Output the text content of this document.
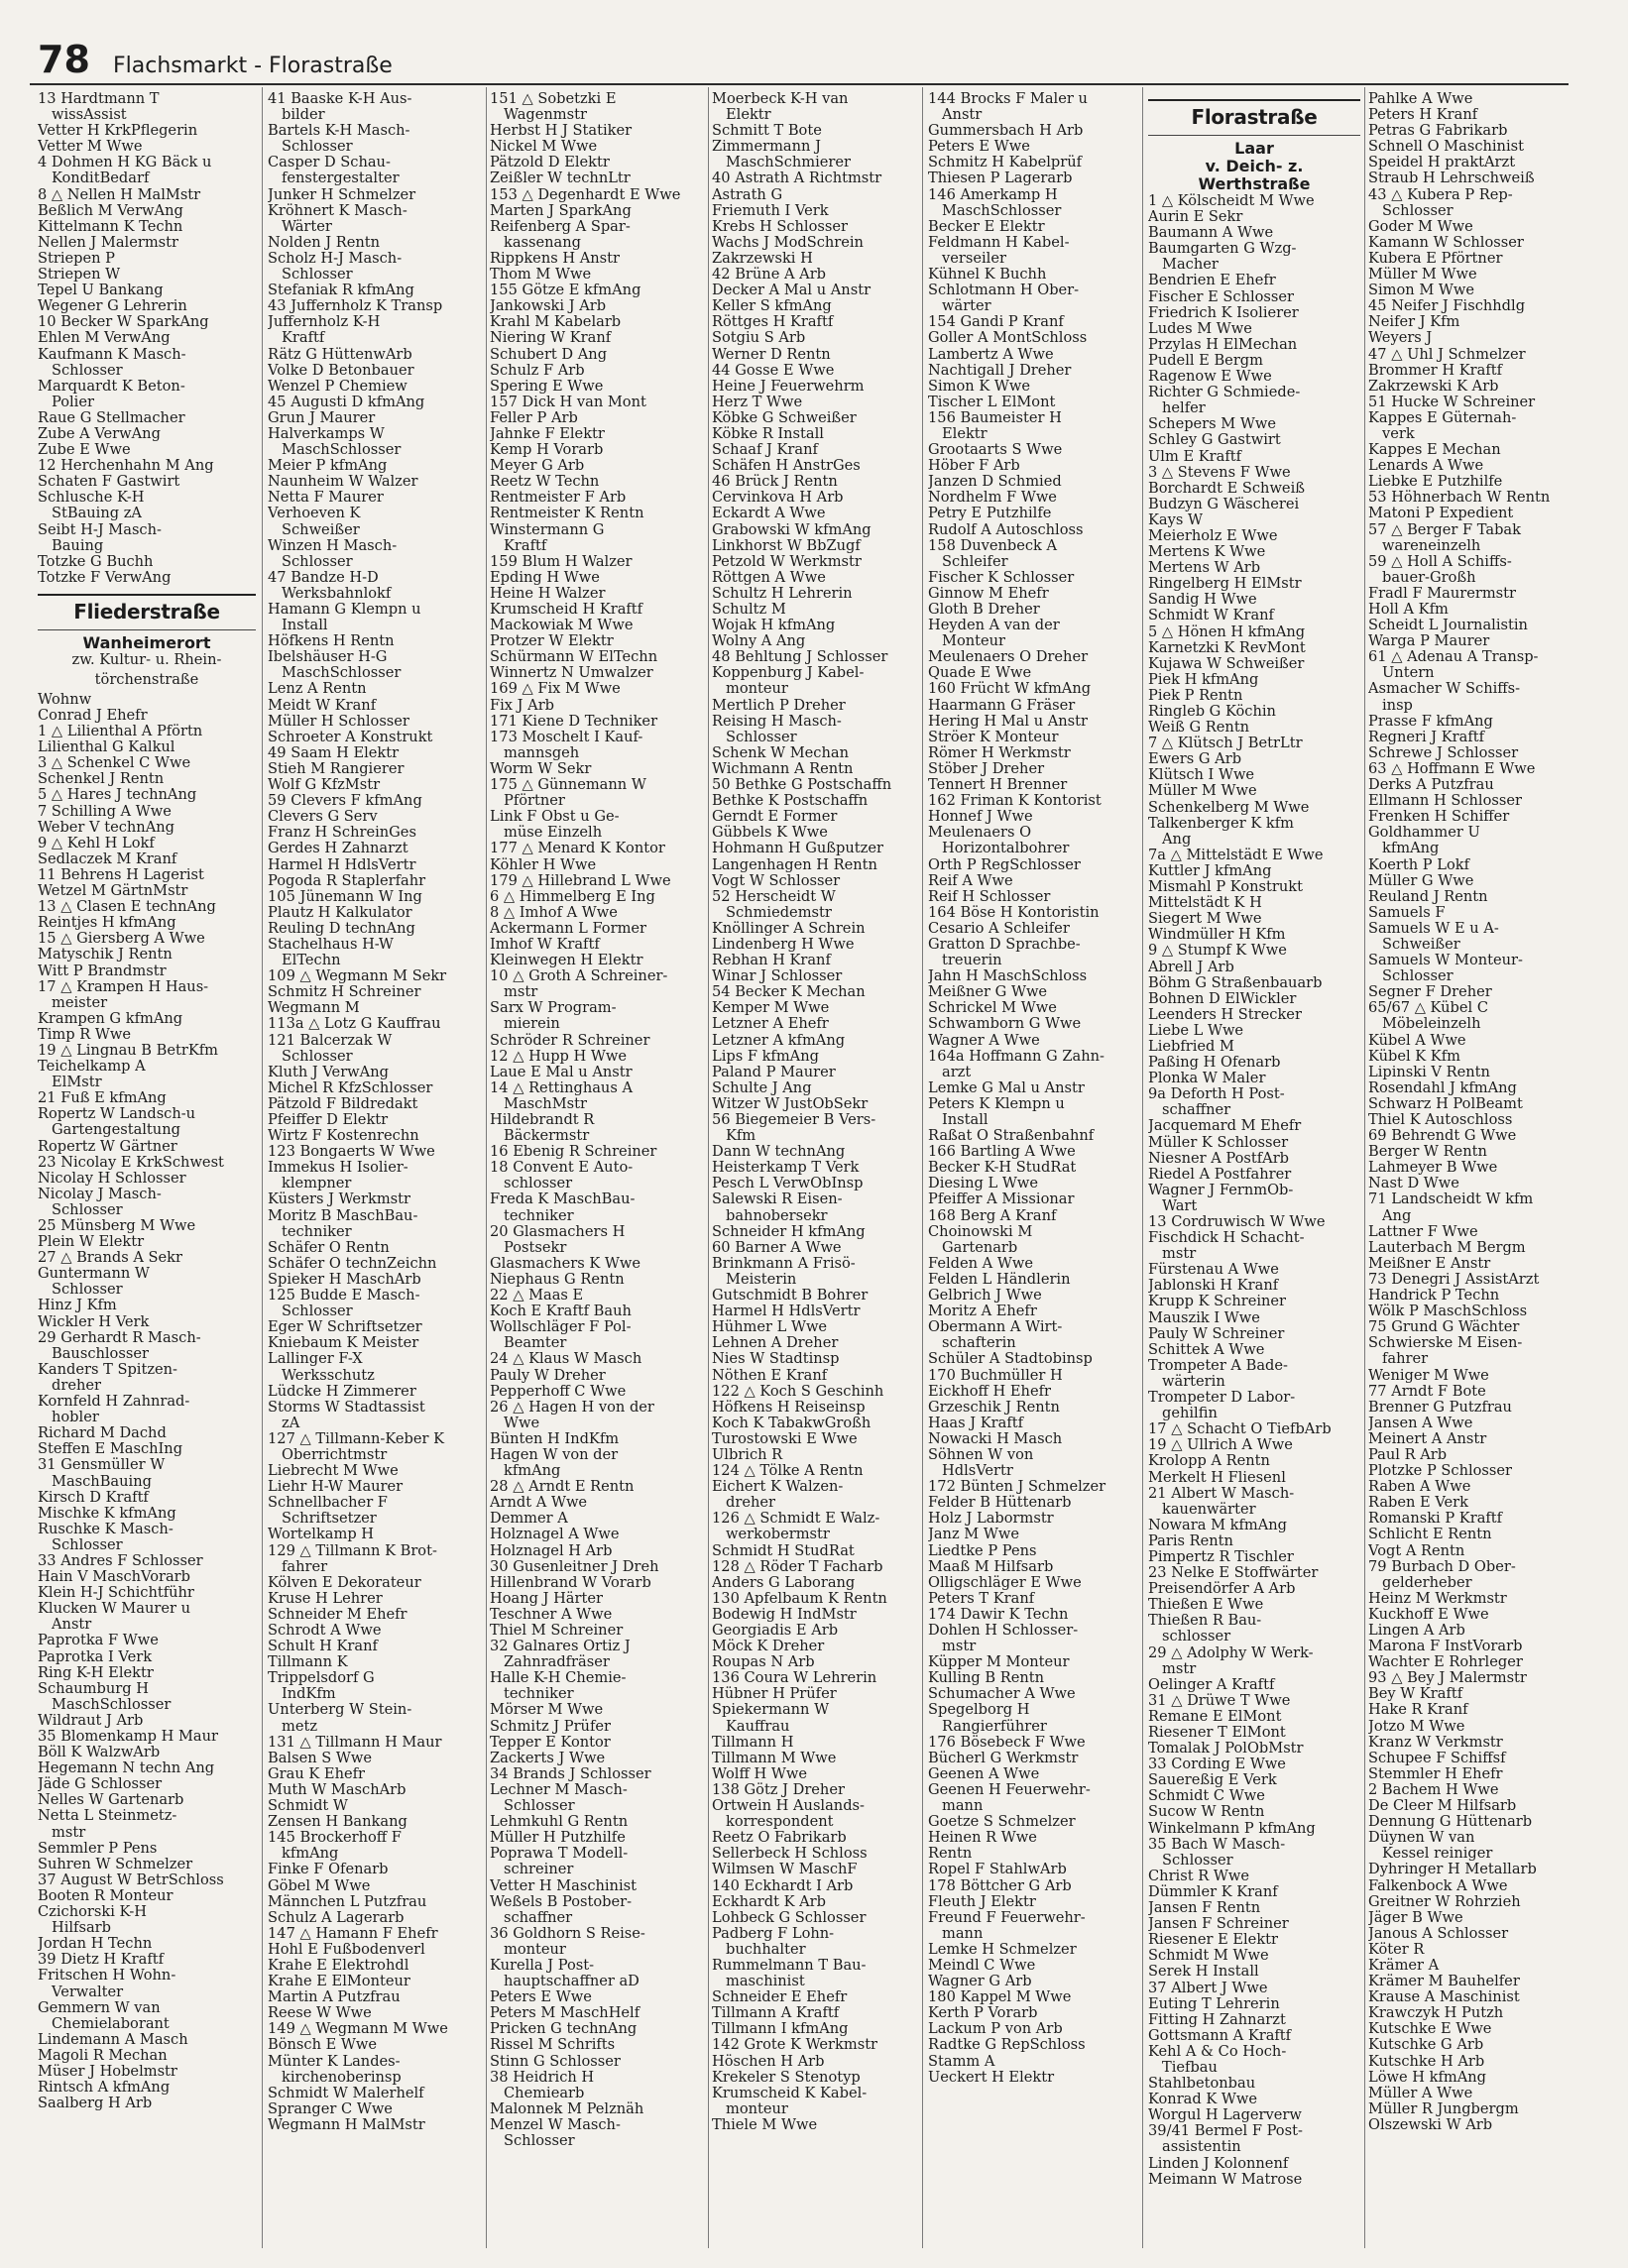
78 Flachsmarkt - Florastraße
13 Hardtmann T
wissAssist
Vetter H KrkPflegerin
Vetter M Wwe
4 Dohmen H KG Bäck u
KonditBedarf
8 △ Nellen H MalMstr
Beßlich M VerwAng
Kittelmann K Techn
Nellen J Malermstr
Striepen P
Striepen W
Tepel U Bankang
Wegener G Lehrerin
10 Becker W SparkAng
Ehlen M VerwAng
Kaufmann K Masch-
Schlosser
Marquardt K Beton-
Polier
Raue G Stellmacher
Zube A VerwAng
Zube E Wwe
12 Herchenhahn M Ang
Schaten F Gastwirt
Schlusche K-H
StBauing zA
Seibt H-J Masch-
Bauing
Totzke G Buchh
Totzke F VerwAng
Fliederstraße
Wanheimerort
zw. Kultur- u. Rhein-
törchenstraße
Wohnw
Conrad J Ehefr
1 △ Lilienthal A Pförtn
Lilienthal G Kalkul
3 △ Schenkel C Wwe
Schenkel J Rentn
5 △ Hares J technAng
7 Schilling A Wwe
Weber V technAng
9 △ Kehl H Lokf
Sedlaczek M Kranf
11 Behrens H Lagerist
Wetzel M GärtnMstr
13 △ Clasen E technAng
Reintjes H kfmAng
15 △ Giersberg A Wwe
Matyschik J Rentn
Witt P Brandmstr
17 △ Krampen H Haus-
meister
Krampen G kfmAng
Timp R Wwe
19 △ Lingnau B BetrKfm
Teichelkamp A
ElMstr
21 Fuß E kfmAng
Ropertz W Landsch-u
Gartengestaltung
Ropertz W Gärtner
23 Nicolay E KrkSchwest
Nicolay H Schlosser
Nicolay J Masch-
Schlosser
25 Münsberg M Wwe
Plein W Elektr
27 △ Brands A Sekr
Guntermann W
Schlosser
Hinz J Kfm
Wickler H Verk
29 Gerhardt R Masch-
Bauschlosser
Kanders T Spitzen-
dreher
Kornfeld H Zahnrad-
hobler
Richard M Dachd
Steffen E MaschIng
31 Gensmüller W
MaschBauing
Kirsch D Kraftf
Mischke K kfmAng
Ruschke K Masch-
Schlosser
33 Andres F Schlosser
Hain V MaschVorarb
Klein H-J Schichtführ
Klucken W Maurer u
Anstr
Paprotka F Wwe
Paprotka I Verk
Ring K-H Elektr
Schaumburg H
MaschSchlosser
Wildraut J Arb
35 Blomenkamp H Maur
Böll K WalzwArb
Hegemann N techn Ang
Jäde G Schlosser
Nelles W Gartenarb
Netta L Steinmetz-
mstr
Semmler P Pens
Suhren W Schmelzer
37 August W BetrSchloss
Booten R Monteur
Czichorski K-H
Hilfsarb
Jordan H Techn
39 Dietz H Kraftf
Fritschen H Wohn-
Verwalter
Gemmern W van
Chemielaborant
Lindemann A Masch
Magoli R Mechan
Müser J Hobelmstr
Rintsch A kfmAng
Saalberg H Arb
41 Baaske K-H Aus-
bilder
Bartels K-H Masch-
Schlosser
Casper D Schau-
fenstergestalter
Junker H Schmelzer
Kröhnert K Masch-
Wärter
Nolden J Rentn
Scholz H-J Masch-
Schlosser
Stefaniak R kfmAng
43 Juffernholz K Transp
Juffernholz K-H
Kraftf
Rätz G HüttenwArb
Volke D Betonbauer
Wenzel P Chemiew
45 Augusti D kfmAng
Grun J Maurer
Halverkamps W
MaschSchlosser
Meier P kfmAng
Naunheim W Walzer
Netta F Maurer
Verhoeven K
Schweißer
Winzen H Masch-
Schlosser
47 Bandze H-D
Werksbahnlokf
Hamann G Klempn u
Install
Höfkens H Rentn
Ibelshäuser H-G
MaschSchlosser
Lenz A Rentn
Meidt W Kranf
Müller H Schlosser
Schroeter A Konstrukt
49 Saam H Elektr
Stieh M Rangierer
Wolf G KfzMstr
59 Clevers F kfmAng
Clevers G Serv
Franz H SchreinGes
Gerdes H Zahnarzt
Harmel H HdlsVertr
Pogoda R Staplerfahr
105 Jünemann W Ing
Plautz H Kalkulator
Reuling D technAng
Stachelhaus H-W
ElTechn
109 △ Wegmann M Sekr
Schmitz H Schreiner
Wegmann M
113a △ Lotz G Kauffrau
121 Balcerzak W
Schlosser
Kluth J VerwAng
Michel R KfzSchlosser
Pätzold F Bildredakt
Pfeiffer D Elektr
Wirtz F Kostenrechn
123 Bongaerts W Wwe
Immekus H Isolier-
klempner
Küsters J Werkmstr
Moritz B MaschBau-
techniker
Schäfer O Rentn
Schäfer O technZeichn
Spieker H MaschArb
125 Budde E Masch-
Schlosser
Eger W Schriftsetzer
Kniebaum K Meister
Lallinger F-X
Werksschutz
Lüdcke H Zimmerer
Storms W Stadtassist
zA
127 △ Tillmann-Keber K
Oberrichtmstr
Liebrecht M Wwe
Liehr H-W Maurer
Schnellbacher F
Schriftsetzer
Wortelkamp H
129 △ Tillmann K Brot-
fahrer
Kölven E Dekorateur
Kruse H Lehrer
Schneider M Ehefr
Schrodt A Wwe
Schult H Kranf
Tillmann K
Trippelsdorf G
IndKfm
Unterberg W Stein-
metz
131 △ Tillmann H Maur
Balsen S Wwe
Grau K Ehefr
Muth W MaschArb
Schmidt W
Zensen H Bankang
145 Brockerhoff F
kfmAng
Finke F Ofenarb
Göbel M Wwe
Männchen L Putzfrau
Schulz A Lagerarb
147 △ Hamann F Ehefr
Hohl E Fußbodenverl
Krahe E Elektrohdl
Krahe E ElMonteur
Martin A Putzfrau
Reese W Wwe
149 △ Wegmann M Wwe
Bönsch E Wwe
Münter K Landes-
kirchenoberinsp
Schmidt W Malerhelf
Spranger C Wwe
Wegmann H MalMstr
151 △ Sobetzki E
Wagenmstr
Herbst H J Statiker
Nickel M Wwe
Pätzold D Elektr
Zeißler W technLtr
153 △ Degenhardt E Wwe
Marten J SparkAng
Reifenberg A Spar-
kassenang
Rippkens H Anstr
Thom M Wwe
155 Götze E kfmAng
Jankowski J Arb
Krahl M Kabelarb
Niering W Kranf
Schubert D Ang
Schulz F Arb
Spering E Wwe
157 Dick H van Mont
Feller P Arb
Jahnke F Elektr
Kemp H Vorarb
Meyer G Arb
Reetz W Techn
Rentmeister F Arb
Rentmeister K Rentn
Winstermann G
Kraftf
159 Blum H Walzer
Epding H Wwe
Heine H Walzer
Krumscheid H Kraftf
Mackowiak M Wwe
Protzer W Elektr
Schürmann W ElTechn
Winnertz N Umwalzer
169 △ Fix M Wwe
Fix J Arb
171 Kiene D Techniker
173 Moschelt I Kauf-
mannsgeh
Worm W Sekr
175 △ Günnemann W
Pförtner
Link F Obst u Ge-
müse Einzelh
177 △ Menard K Kontor
Köhler H Wwe
179 △ Hillebrand L Wwe
6 △ Himmelberg E Ing
8 △ Imhof A Wwe
Ackermann L Former
Imhof W Kraftf
Kleinwegen H Elektr
10 △ Groth A Schreiner-
mstr
Sarx W Program-
mierein
Schröder R Schreiner
12 △ Hupp H Wwe
Laue E Mal u Anstr
14 △ Rettinghaus A
MaschMstr
Hildebrandt R
Bäckermstr
16 Ebenig R Schreiner
18 Convent E Auto-
schlosser
Freda K MaschBau-
techniker
20 Glasmachers H
Postsekr
Glasmachers K Wwe
Niephaus G Rentn
22 △ Maas E
Koch E Kraftf Bauh
Wollschläger F Pol-
Beamter
24 △ Klaus W Masch
Pauly W Dreher
Pepperhoff C Wwe
26 △ Hagen H von der
Wwe
Bünten H IndKfm
Hagen W von der
kfmAng
28 △ Arndt E Rentn
Arndt A Wwe
Demmer A
Holznagel A Wwe
Holznagel H Arb
30 Gusenleitner J Dreh
Hillenbrand W Vorarb
Hoang J Härter
Teschner A Wwe
Thiel M Schreiner
32 Galnares Ortiz J
Zahnradfräser
Halle K-H Chemie-
techniker
Mörser M Wwe
Schmitz J Prüfer
Tepper E Kontor
Zackerts J Wwe
34 Brands J Schlosser
Lechner M Masch-
Schlosser
Lehmkuhl G Rentn
Müller H Putzhilfe
Poprawa T Modell-
schreiner
Vetter H Maschinist
Weßels B Postober-
schaffner
36 Goldhorn S Reise-
monteur
Kurella J Post-
hauptschaffner aD
Peters E Wwe
Peters M MaschHelf
Pricken G technAng
Rissel M Schrifts
Stinn G Schlosser
38 Heidrich H
Chemiearb
Malonnek M Pelznäh
Menzel W Masch-
Schlosser
Moerbeck K-H van
Elektr
Schmitt T Bote
Zimmermann J
MaschSchmierer
40 Astrath A Richtmstr
Astrath G
Friemuth I Verk
Krebs H Schlosser
Wachs J ModSchrein
Zakrzewski H
42 Brüne A Arb
Decker A Mal u Anstr
Keller S kfmAng
Röttges H Kraftf
Sotgiu S Arb
Werner D Rentn
44 Gosse E Wwe
Heine J Feuerwehrm
Herz T Wwe
Köbke G Schweißer
Köbke R Install
Schaaf J Kranf
Schäfen H AnstrGes
46 Brück J Rentn
Cervinkova H Arb
Eckardt A Wwe
Grabowski W kfmAng
Linkhorst W BbZugf
Petzold W Werkmstr
Röttgen A Wwe
Schultz H Lehrerin
Schultz M
Wojak H kfmAng
Wolny A Ang
48 Behltung J Schlosser
Koppenburg J Kabel-
monteur
Mertlich P Dreher
Reising H Masch-
Schlosser
Schenk W Mechan
Wichmann A Rentn
50 Bethke G Postschaffn
Bethke K Postschaffn
Gerndt E Former
Gübbels K Wwe
Hohmann H Gußputzer
Langenhagen H Rentn
Vogt W Schlosser
52 Herscheidt W
Schmiedemstr
Knöllinger A Schrein
Lindenberg H Wwe
Rebhan H Kranf
Winar J Schlosser
54 Becker K Mechan
Kemper M Wwe
Letzner A Ehefr
Letzner A kfmAng
Lips F kfmAng
Paland P Maurer
Schulte J Ang
Witzer W JustObSekr
56 Biegemeier B Vers-
Kfm
Dann W technAng
Heisterkamp T Verk
Pesch L VerwObInsp
Salewski R Eisen-
bahnobersekr
Schneider H kfmAng
60 Barner A Wwe
Brinkmann A Frisö-
Meisterin
Gutschmidt B Bohrer
Harmel H HdlsVertr
Hühmer L Wwe
Lehnen A Dreher
Nies W Stadtinsp
Nöthen E Kranf
122 △ Koch S Geschinh
Höfkens H Reiseinsp
Koch K TabakwGroßh
Turostowski E Wwe
Ulbrich R
124 △ Tölke A Rentn
Eichert K Walzen-
dreher
126 △ Schmidt E Walz-
werkobermstr
Schmidt H StudRat
128 △ Röder T Facharb
Anders G Laborang
130 Apfelbaum K Rentn
Bodewig H IndMstr
Georgiadis E Arb
Möck K Dreher
Roupas N Arb
136 Coura W Lehrerin
Hübner H Prüfer
Spiekermann W
Kauffrau
Tillmann H
Tillmann M Wwe
Wolff H Wwe
138 Götz J Dreher
Ortwein H Auslands-
korrespondent
Reetz O Fabrikarb
Sellerbeck H Schloss
Wilmsen W MaschF
140 Eckhardt I Arb
Eckhardt K Arb
Lohbeck G Schlosser
Padberg F Lohn-
buchhalter
Rummelmann T Bau-
maschinist
Schneider E Ehefr
Tillmann A Kraftf
Tillmann I kfmAng
142 Grote K Werkmstr
Höschen H Arb
Krekeler S Stenotyp
Krumscheid K Kabel-
monteur
Thiele M Wwe
144 Brocks F Maler u
Anstr
Gummersbach H Arb
Peters E Wwe
Schmitz H Kabelprüf
Thiesen P Lagerarb
146 Amerkamp H
MaschSchlosser
Becker E Elektr
Feldmann H Kabel-
verseiler
Kühnel K Buchh
Schlotmann H Ober-
wärter
154 Gandi P Kranf
Goller A MontSchloss
Lambertz A Wwe
Nachtigall J Dreher
Simon K Wwe
Tischer L ElMont
156 Baumeister H
Elektr
Grootaarts S Wwe
Höber F Arb
Janzen D Schmied
Nordhelm F Wwe
Petry E Putzhilfe
Rudolf A Autoschloss
158 Duvenbeck A
Schleifer
Fischer K Schlosser
Ginnow M Ehefr
Gloth B Dreher
Heyden A van der
Monteur
Meulenaers O Dreher
Quade E Wwe
160 Frücht W kfmAng
Haarmann G Fräser
Hering H Mal u Anstr
Ströer K Monteur
Römer H Werkmstr
Stöber J Dreher
Tennert H Brenner
162 Friman K Kontorist
Honnef J Wwe
Meulenaers O
Horizontalbohrer
Orth P RegSchlosser
Reif A Wwe
Reif H Schlosser
164 Böse H Kontoristin
Cesario A Schleifer
Gratton D Sprachbe-
treuerin
Jahn H MaschSchloss
Meißner G Wwe
Schrickel M Wwe
Schwamborn G Wwe
Wagner A Wwe
164a Hoffmann G Zahn-
arzt
Lemke G Mal u Anstr
Peters K Klempn u
Install
Raßat O Straßenbahnf
166 Bartling A Wwe
Becker K-H StudRat
Diesing L Wwe
Pfeiffer A Missionar
168 Berg A Kranf
Choinowski M
Gartenarb
Felden A Wwe
Felden L Händlerin
Gelbrich J Wwe
Moritz A Ehefr
Obermann A Wirt-
schafterin
Schüler A Stadtobinsp
170 Buchmüller H
Eickhoff H Ehefr
Grzeschik J Rentn
Haas J Kraftf
Nowacki H Masch
Söhnen W von
HdlsVertr
172 Bünten J Schmelzer
Felder B Hüttenarb
Holz J Labormstr
Janz M Wwe
Liedtke P Pens
Maaß M Hilfsarb
Olligschläger E Wwe
Peters T Kranf
174 Dawir K Techn
Dohlen H Schlosser-
mstr
Küpper M Monteur
Kulling B Rentn
Schumacher A Wwe
Spegelborg H
Rangierführer
176 Bösebeck F Wwe
Bücherl G Werkmstr
Geenen A Wwe
Geenen H Feuerwehr-
mann
Goetze S Schmelzer
Heinen R Wwe
Rentn
Ropel F StahlwArb
178 Böttcher G Arb
Fleuth J Elektr
Freund F Feuerwehr-
mann
Lemke H Schmelzer
Meindl C Wwe
Wagner G Arb
180 Kappel M Wwe
Kerth P Vorarb
Lackum P von Arb
Radtke G RepSchloss
Stamm A
Ueckert H Elektr
Florastraße
Laar
v. Deich- z. Werthstraße
1 △ Kölscheidt M Wwe
Aurin E Sekr
Baumann A Wwe
Baumgarten G Wzg-
Macher
Bendrien E Ehefr
Fischer E Schlosser
Friedrich K Isolierer
Ludes M Wwe
Przylas H ElMechan
Pudell E Bergm
Ragenow E Wwe
Richter G Schmiede-
helfer
Schepers M Wwe
Schley G Gastwirt
Ulm E Kraftf
3 △ Stevens F Wwe
Borchardt E Schweiß
Budzyn G Wäscherei
Kays W
Meierholz E Wwe
Mertens K Wwe
Mertens W Arb
Ringelberg H ElMstr
Sandig H Wwe
Schmidt W Kranf
5 △ Hönen H kfmAng
Karnetzki K RevMont
Kujawa W Schweißer
Piek H kfmAng
Piek P Rentn
Ringleb G Köchin
Weiß G Rentn
7 △ Klütsch J BetrLtr
Ewers G Arb
Klütsch I Wwe
Müller M Wwe
Schenkelberg M Wwe
Talkenberger K kfm
Ang
7a △ Mittelstädt E Wwe
Kuttler J kfmAng
Mismahl P Konstrukt
Mittelstädt K H
Siegert M Wwe
Windmüller H Kfm
9 △ Stumpf K Wwe
Abrell J Arb
Böhm G Straßenbauarb
Bohnen D ElWickler
Leenders H Strecker
Liebe L Wwe
Liebfried M
Paßing H Ofenarb
Plonka W Maler
9a Deforth H Post-
schaffner
Jacquemard M Ehefr
Müller K Schlosser
Niesner A PostfArb
Riedel A Postfahrer
Wagner J FernmOb-
Wart
13 Cordruwisch W Wwe
Fischdick H Schacht-
mstr
Fürstenau A Wwe
Jablonski H Kranf
Krupp K Schreiner
Mauszik I Wwe
Pauly W Schreiner
Schittek A Wwe
Trompeter A Bade-
wärterin
Trompeter D Labor-
gehilfin
17 △ Schacht O TiefbArb
19 △ Ullrich A Wwe
Krolopp A Rentn
Merkelt H Fliesenl
21 Albert W Masch-
kauenwärter
Nowara M kfmAng
Paris Rentn
Pimpertz R Tischler
23 Nelke E Stoffwärter
Preisendörfer A Arb
Thießen E Wwe
Thießen R Bau-
schlosser
29 △ Adolphy W Werk-
mstr
Oelinger A Kraftf
31 △ Drüwe T Wwe
Remane E ElMont
Riesener T ElMont
Tomalak J PolObMstr
33 Cording E Wwe
Sauereßig E Verk
Schmidt C Wwe
Sucow W Rentn
Winkelmann P kfmAng
35 Bach W Masch-
Schlosser
Christ R Wwe
Dümmler K Kranf
Jansen F Rentn
Jansen F Schreiner
Riesener E Elektr
Schmidt M Wwe
Serek H Install
37 Albert J Wwe
Euting T Lehrerin
Fitting H Zahnarzt
Gottsmann A Kraftf
Kehl A & Co Hoch-
Tiefbau
Stahlbetonbau
Konrad K Wwe
Worgul H Lagerverw
39/41 Bermel F Post-
assistentin
Linden J Kolonnenf
Meimann W Matrose
Pahlke A Wwe
Peters H Kranf
Petras G Fabrikarb
Schnell O Maschinist
Speidel H praktArzt
Straub H Lehrschweiß
43 △ Kubera P Rep-
Schlosser
Goder M Wwe
Kamann W Schlosser
Kubera E Pförtner
Müller M Wwe
Simon M Wwe
45 Neifer J Fischhdlg
Neifer J Kfm
Weyers J
47 △ Uhl J Schmelzer
Brommer H Kraftf
Zakrzewski K Arb
51 Hucke W Schreiner
Kappes E Güternah-
verk
Kappes E Mechan
Lenards A Wwe
Liebke E Putzhilfe
53 Höhnerbach W Rentn
Matoni P Expedient
57 △ Berger F Tabak
wareneinzelh
59 △ Holl A Schiffs-
bauer-Großh
Fradl F Maurermstr
Holl A Kfm
Scheidt L Journalistin
Warga P Maurer
61 △ Adenau A Transp-
Untern
Asmacher W Schiffs-
insp
Prasse F kfmAng
Regneri J Kraftf
Schrewe J Schlosser
63 △ Hoffmann E Wwe
Derks A Putzfrau
Ellmann H Schlosser
Frenken H Schiffer
Goldhammer U
kfmAng
Koerth P Lokf
Müller G Wwe
Reuland J Rentn
Samuels F
Samuels W E u A-
Schweißer
Samuels W Monteur-
Schlosser
Segner F Dreher
65/67 △ Kübel C
Möbeleinzelh
Kübel A Wwe
Kübel K Kfm
Lipinski V Rentn
Rosendahl J kfmAng
Schwarz H PolBeamt
Thiel K Autoschloss
69 Behrendt G Wwe
Berger W Rentn
Lahmeyer B Wwe
Nast D Wwe
71 Landscheidt W kfm
Ang
Lattner F Wwe
Lauterbach M Bergm
Meißner E Anstr
73 Denegri J AssistArzt
Handrick P Techn
Wölk P MaschSchloss
75 Grund G Wächter
Schwierske M Eisen-
fahrer
Weniger M Wwe
77 Arndt F Bote
Brenner G Putzfrau
Jansen A Wwe
Meinert A Anstr
Paul R Arb
Plotzke P Schlosser
Raben A Wwe
Raben E Verk
Romanski P Kraftf
Schlicht E Rentn
Vogt A Rentn
79 Burbach D Ober-
gelderheber
Heinz M Werkmstr
Kuckhoff E Wwe
Lingen A Arb
Marona F InstVorarb
Wachter E Rohrleger
93 △ Bey J Malermstr
Bey W Kraftf
Hake R Kranf
Jotzo M Wwe
Kranz W Verkmstr
Schupee F Schiffsf
Stemmler H Ehefr
2 Bachem H Wwe
De Cleer M Hilfsarb
Dennung G Hüttenarb
Düynen W van
Kessel reiniger
Dyhringer H Metallarb
Falkenbock A Wwe
Greitner W Rohrzieh
Jäger B Wwe
Janous A Schlosser
Köter R
Krämer A
Krämer M Bauhelfer
Krause A Maschinist
Krawczyk H Putzh
Kutschke E Wwe
Kutschke G Arb
Kutschke H Arb
Löwe H kfmAng
Müller A Wwe
Müller R Jungbergm
Olszewski W Arb
